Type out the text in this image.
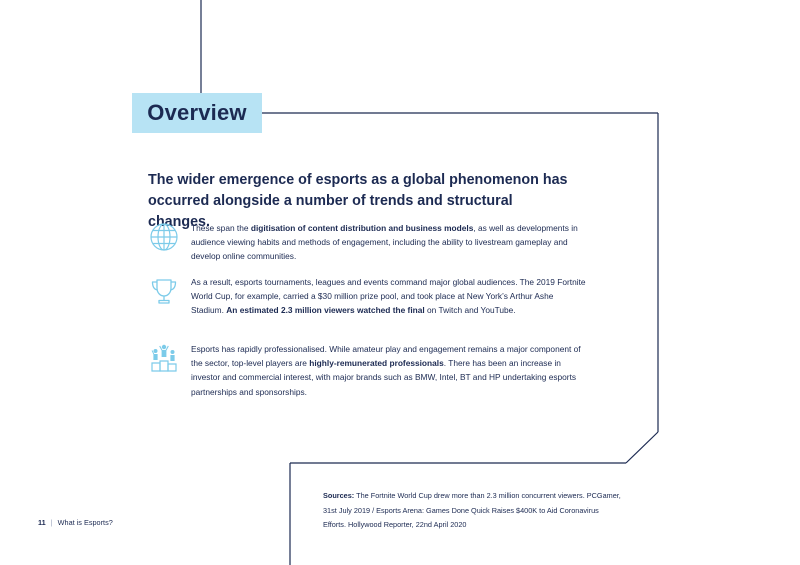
Overview
The wider emergence of esports as a global phenomenon has occurred alongside a number of trends and structural changes.

These span the digitisation of content distribution and business models, as well as developments in audience viewing habits and methods of engagement, including the ability to livestream gameplay and develop online communities.

As a result, esports tournaments, leagues and events command major global audiences. The 2019 Fortnite World Cup, for example, carried a $30 million prize pool, and took place at New York’s Arthur Ashe Stadium. An estimated 2.3 million viewers watched the final on Twitch and YouTube.

Esports has rapidly professionalised. While amateur play and engagement remains a major component of the sector, top-level players are highly-remunerated professionals. There has been an increase in investor and commercial interest, with major brands such as BMW, Intel, BT and HP undertaking esports partnerships and sponsorships.

Sources: The Fortnite World Cup drew more than 2.3 million concurrent viewers. PCGamer, 31st July 2019 / Esports Arena: Games Done Quick Raises $400K to Aid Coronavirus Efforts. Hollywood Reporter, 22nd April 2020
11 | What is Esports?
